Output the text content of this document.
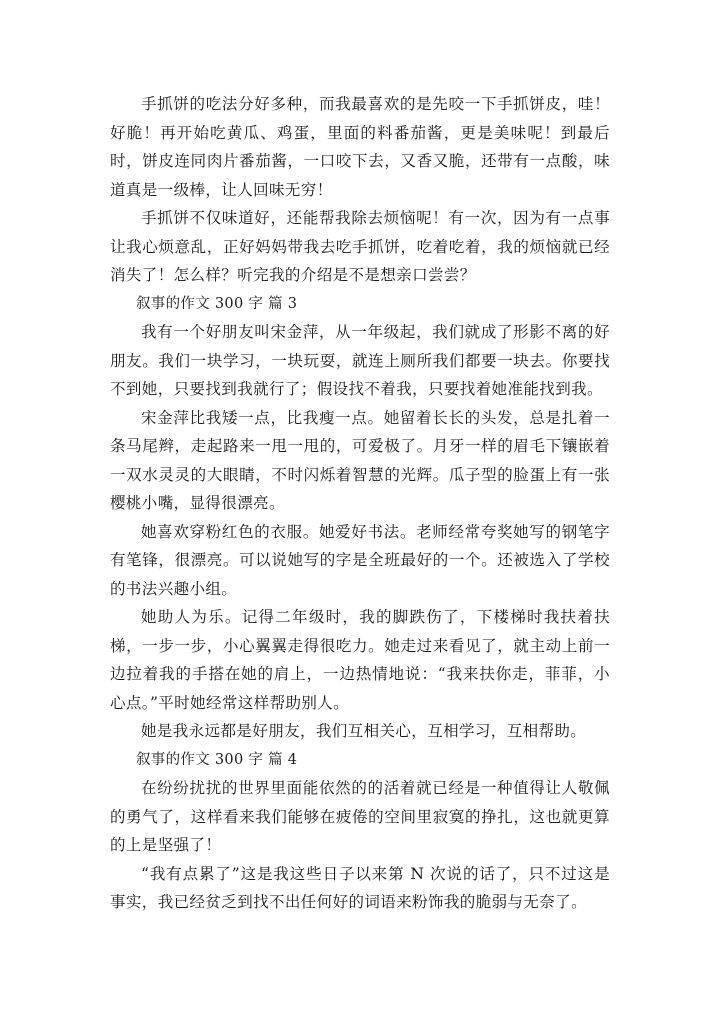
手抓饼的吃法分好多种，而我最喜欢的是先咬一下手抓饼皮，哇！好脆！再开始吃黄瓜、鸡蛋，里面的料番茄酱，更是美味呢！到最后时，饼皮连同肉片番茄酱，一口咬下去，又香又脆，还带有一点酸，味道真是一级棒，让人回味无穷！

手抓饼不仅味道好，还能帮我除去烦恼呢！有一次，因为有一点事让我心烦意乱，正好妈妈带我去吃手抓饼，吃着吃着，我的烦恼就已经消失了！怎么样？听完我的介绍是不是想亲口尝尝？

叙事的作文 300 字 篇 3

我有一个好朋友叫宋金萍，从一年级起，我们就成了形影不离的好朋友。我们一块学习，一块玩耍，就连上厕所我们都要一块去。你要找不到她，只要找到我就行了；假设找不着我，只要找着她准能找到我。

宋金萍比我矮一点，比我瘦一点。她留着长长的头发，总是扎着一条马尾辫，走起路来一甩一甩的，可爱极了。月牙一样的眉毛下镶嵌着一双水灵灵的大眼睛，不时闪烁着智慧的光辉。瓜子型的脸蛋上有一张樱桃小嘴，显得很漂亮。

她喜欢穿粉红色的衣服。她爱好书法。老师经常夸奖她写的钢笔字有笔锋，很漂亮。可以说她写的字是全班最好的一个。还被选入了学校的书法兴趣小组。

她助人为乐。记得二年级时，我的脚跌伤了，下楼梯时我扶着扶梯，一步一步，小心翼翼走得很吃力。她走过来看见了，就主动上前一边拉着我的手搭在她的肩上，一边热情地说：“我来扶你走，菲菲，小心点。”平时她经常这样帮助别人。

她是我永远都是好朋友，我们互相关心，互相学习，互相帮助。

叙事的作文 300 字 篇 4

在纷纷扰扰的世界里面能依然的的活着就已经是一种值得让人敬佩的勇气了，这样看来我们能够在疲倦的空间里寂寞的挣扎，这也就更算的上是坚强了！

“我有点累了”这是我这些日子以来第 N 次说的话了，只不过这是事实，我已经贫乏到找不出任何好的词语来粉饰我的脆弱与无奈了。
